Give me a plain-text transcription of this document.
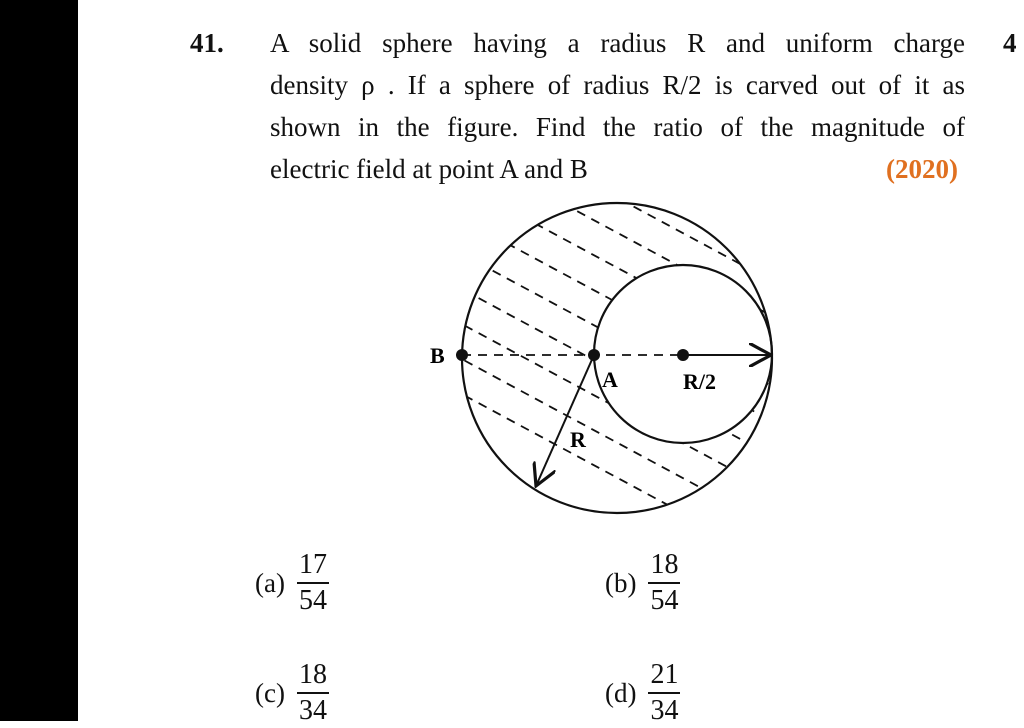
41.	4
A solid sphere having a radius R and uniform charge
density ρ . If a sphere of radius R/2 is carved out of it as
shown in the figure. Find the ratio of the magnitude of
electric field at point A and B	(2020)
B
A
R
R/2
$(a) \frac{17}{54}$	$(b) \frac{18}{54}$
$(c) \frac{18}{34}$	$(d) \frac{21}{34}$
